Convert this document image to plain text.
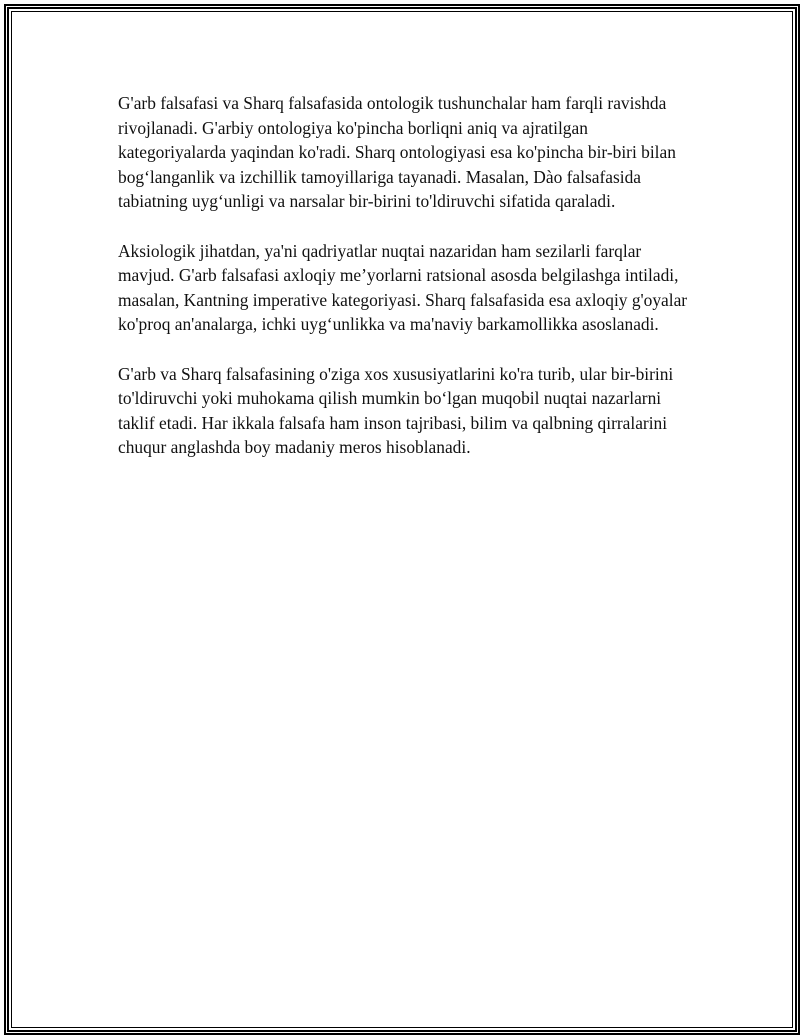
G'arb falsafasi va Sharq falsafasida ontologik tushunchalar ham farqli ravishda rivojlanadi. G'arbiy ontologiya ko'pincha borliqni aniq va ajratilgan kategoriyalarda yaqindan ko'radi. Sharq ontologiyasi esa ko'pincha bir-biri bilan bog‘langanlik va izchillik tamoyillariga tayanadi. Masalan, Dào falsafasida tabiatning uyg‘unligi va narsalar bir-birini to'ldiruvchi sifatida qaraladi.

Aksiologik jihatdan, ya'ni qadriyatlar nuqtai nazaridan ham sezilarli farqlar mavjud. G'arb falsafasi axloqiy me’yorlarni ratsional asosda belgilashga intiladi, masalan, Kantning imperative kategoriyasi. Sharq falsafasida esa axloqiy g'oyalar ko'proq an'analarga, ichki uyg‘unlikka va ma'naviy barkamollikka asoslanadi.

G'arb va Sharq falsafasining o'ziga xos xususiyatlarini ko'ra turib, ular bir-birini to'ldiruvchi yoki muhokama qilish mumkin bo‘lgan muqobil nuqtai nazarlarni taklif etadi. Har ikkala falsafa ham inson tajribasi, bilim va qalbning qirralarini chuqur anglashda boy madaniy meros hisoblanadi.
